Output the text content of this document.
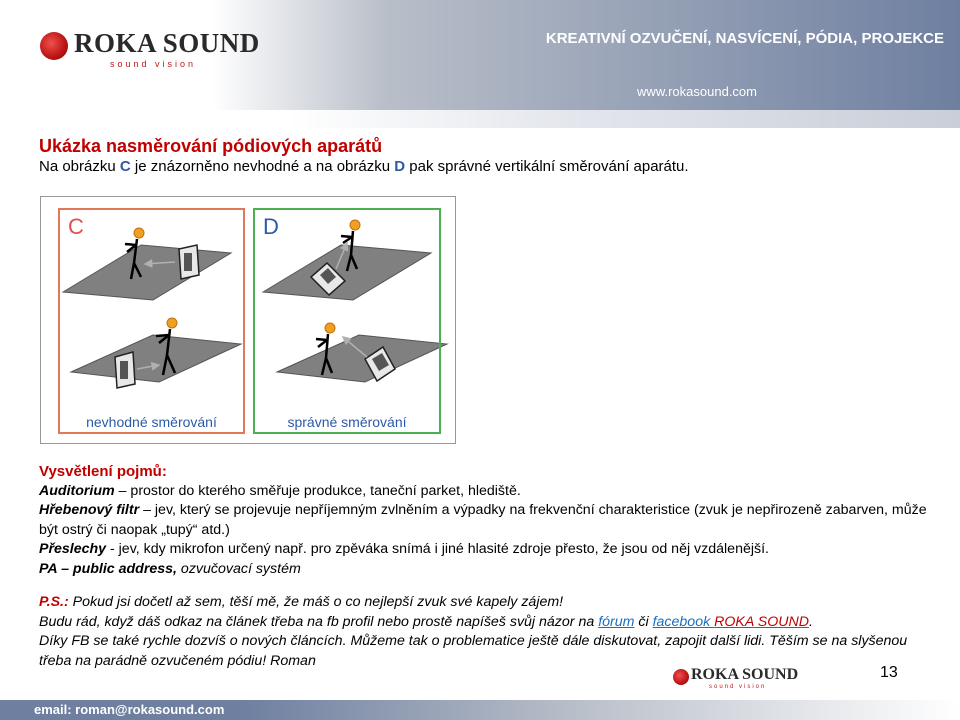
ROKA SOUND
sound vision
KREATIVNÍ OZVUČENÍ, NASVÍCENÍ, PÓDIA, PROJEKCE
www.rokasound.com
Ukázka nasměrování pódiových aparátů
Na obrázku C je znázorněno nevhodné a na obrázku D pak správné vertikální směrování aparátu.
C
nevhodné směrování
D
správné směrování
Vysvětlení pojmů:
Auditorium – prostor do kterého směřuje produkce, taneční parket, hlediště.
Hřebenový filtr – jev, který se projevuje nepříjemným zvlněním a výpadky na frekvenční charakteristice (zvuk je nepřirozeně zabarven, může být ostrý či naopak „tupý“ atd.)
Přeslechy - jev, kdy mikrofon určený např. pro zpěváka snímá i jiné hlasité zdroje přesto, že jsou od něj vzdálenější.
PA – public address, ozvučovací systém
P.S.: Pokud jsi dočetl až sem, těší mě, že máš o co nejlepší zvuk své kapely zájem!
Budu rád, když dáš odkaz na článek třeba na fb profil nebo prostě napíšeš svůj názor na fórum či facebook ROKA SOUND.
Díky FB se také rychle dozvíš o nových článcích. Můžeme tak o problematice ještě dále diskutovat, zapojit další lidi. Těším se na slyšenou třeba na parádně ozvučeném pódiu! Roman
ROKA SOUND
sound vision
13
email: roman@rokasound.com
